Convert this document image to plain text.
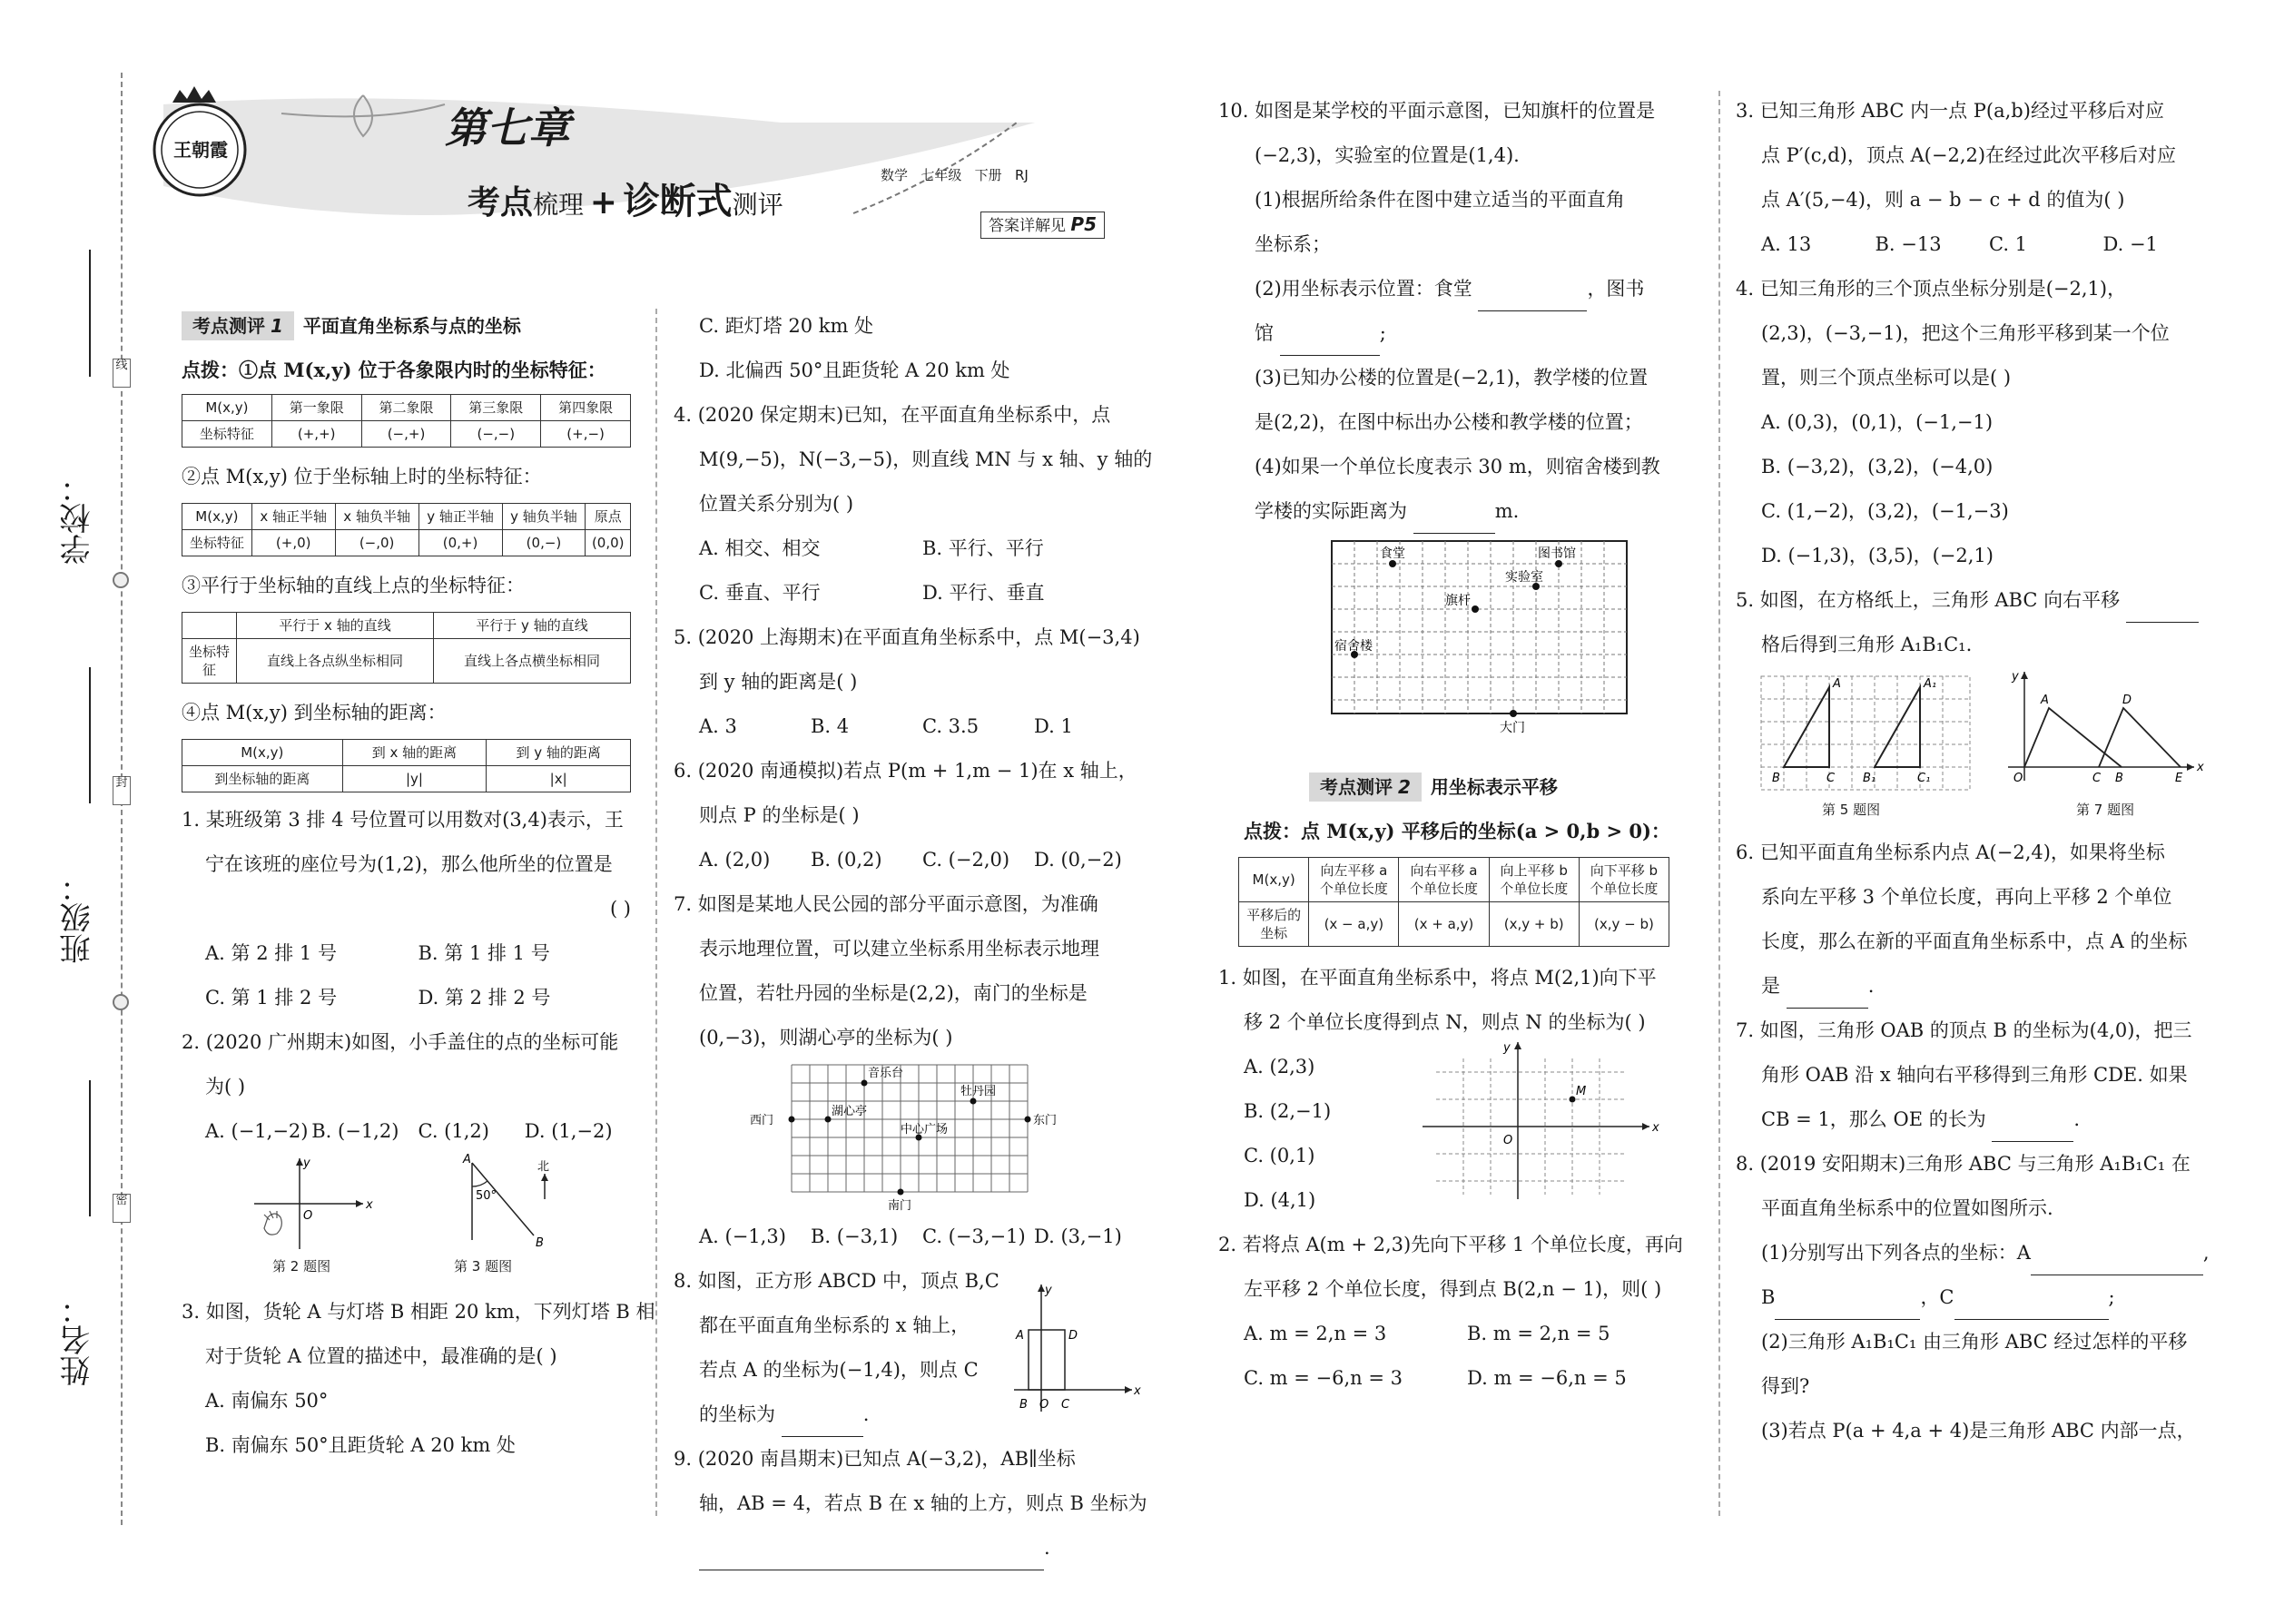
学校：
班级：
姓名：
线
封
密
王朝霞	第七章
考点梳理 + 诊断式测评
数学 七年级 下册 RJ
答案详解见 P5
考点测评 1 平面直角坐标系与点的坐标
点拨：①点 M(x,y) 位于各象限内时的坐标特征：
M(x,y)	第一象限	第二象限	第三象限	第四象限
坐标特征	(+,+)	(−,+)	(−,−)	(+,−)
②点 M(x,y) 位于坐标轴上时的坐标特征：
M(x,y)	x 轴正半轴	x 轴负半轴	y 轴正半轴	y 轴负半轴	原点
坐标特征	(+,0)	(−,0)	(0,+)	(0,−)	(0,0)
③平行于坐标轴的直线上点的坐标特征：
	平行于 x 轴的直线	平行于 y 轴的直线
坐标特征	直线上各点纵坐标相同	直线上各点横坐标相同
④点 M(x,y) 到坐标轴的距离：
M(x,y)	到 x 轴的距离	到 y 轴的距离
到坐标轴的距离	|y|	|x|
1. 某班级第 3 排 4 号位置可以用数对(3,4)表示，王
宁在该班的座位号为(1,2)，那么他所坐的位置是
( )
A. 第 2 排 1 号	B. 第 1 排 1 号
C. 第 1 排 2 号	D. 第 2 排 2 号
2. (2020 广州期末)如图，小手盖住的点的坐标可能
为( )
A. (−1,−2) B. (−1,2)	C. (1,2)	D. (1,−2)
y
x
O
A
50°
B
北
第 2 题图	第 3 题图
3. 如图，货轮 A 与灯塔 B 相距 20 km，下列灯塔 B 相
对于货轮 A 位置的描述中，最准确的是( )
A. 南偏东 50°
B. 南偏东 50°且距货轮 A 20 km 处
C. 距灯塔 20 km 处
D. 北偏西 50°且距货轮 A 20 km 处
4. (2020 保定期末)已知，在平面直角坐标系中，点
M(9,−5)，N(−3,−5)，则直线 MN 与 x 轴、y 轴的
位置关系分别为( )
A. 相交、相交	B. 平行、平行
C. 垂直、平行	D. 平行、垂直
5. (2020 上海期末)在平面直角坐标系中，点 M(−3,4)
到 y 轴的距离是( )
A. 3	B. 4	C. 3.5	D. 1
6. (2020 南通模拟)若点 P(m + 1,m − 1)在 x 轴上，
则点 P 的坐标是( )
A. (2,0)	B. (0,2)	C. (−2,0)	D. (0,−2)
7. 如图是某地人民公园的部分平面示意图，为准确
表示地理位置，可以建立坐标系用坐标表示地理
位置，若牡丹园的坐标是(2,2)，南门的坐标是
(0,−3)，则湖心亭的坐标为( )
音乐台
牡丹园
湖心亭
中心广场
西门	东门
南门
A. (−1,3)	B. (−3,1)	C. (−3,−1) D. (3,−1)
8. 如图，正方形 ABCD 中，顶点 B,C
都在平面直角坐标系的 x 轴上，
若点 A 的坐标为(−1,4)，则点 C
的坐标为	.
y
x
A	D
B O C
9. (2020 南昌期末)已知点 A(−3,2)，AB∥坐标
轴，AB = 4，若点 B 在 x 轴的上方，则点 B 坐标为
.
10. 如图是某学校的平面示意图，已知旗杆的位置是
(−2,3)，实验室的位置是(1,4).
(1)根据所给条件在图中建立适当的平面直角
坐标系；
(2)用坐标表示位置：食堂	，图书
馆	;
(3)已知办公楼的位置是(−2,1)，教学楼的位置
是(2,2)，在图中标出办公楼和教学楼的位置；
(4)如果一个单位长度表示 30 m，则宿舍楼到教
学楼的实际距离为	m.
食堂	图书馆
实验室
旗杆
宿舍楼
大门
考点测评 2 用坐标表示平移
点拨：点 M(x,y) 平移后的坐标(a > 0,b > 0)：
M(x,y)	向左平移 a 个单位长度	向右平移 a 个单位长度	向上平移 b 个单位长度	向下平移 b 个单位长度
平移后的坐标	(x − a,y)	(x + a,y)	(x,y + b)	(x,y − b)
1. 如图，在平面直角坐标系中，将点 M(2,1)向下平
移 2 个单位长度得到点 N，则点 N 的坐标为( )
A. (2,3)
B. (2,−1)
C. (0,1)
D. (4,1)
y
x
O
M
2. 若将点 A(m + 2,3)先向下平移 1 个单位长度，再向
左平移 2 个单位长度，得到点 B(2,n − 1)，则( )
A. m = 2,n = 3	B. m = 2,n = 5
C. m = −6,n = 3	D. m = −6,n = 5
3. 已知三角形 ABC 内一点 P(a,b)经过平移后对应
点 P′(c,d)，顶点 A(−2,2)在经过此次平移后对应
点 A′(5,−4)，则 a − b − c + d 的值为( )
A. 13	B. −13	C. 1	D. −1
4. 已知三角形的三个顶点坐标分别是(−2,1)，
(2,3)，(−3,−1)，把这个三角形平移到某一个位
置，则三个顶点坐标可以是( )
A. (0,3)，(0,1)，(−1,−1)
B. (−3,2)，(3,2)，(−4,0)
C. (1,−2)，(3,2)，(−1,−3)
D. (−1,3)，(3,5)，(−2,1)
5. 如图，在方格纸上，三角形 ABC 向右平移
格后得到三角形 A₁B₁C₁.
A
B	C
A₁
B₁	C₁
y
x
O
A	D
C B	E
第 5 题图	第 7 题图
6. 已知平面直角坐标系内点 A(−2,4)，如果将坐标
系向左平移 3 个单位长度，再向上平移 2 个单位
长度，那么在新的平面直角坐标系中，点 A 的坐标
是	.
7. 如图，三角形 OAB 的顶点 B 的坐标为(4,0)，把三
角形 OAB 沿 x 轴向右平移得到三角形 CDE. 如果
CB = 1，那么 OE 的长为	.
8. (2019 安阳期末)三角形 ABC 与三角形 A₁B₁C₁ 在
平面直角坐标系中的位置如图所示.
(1)分别写出下列各点的坐标：A	,
B	，C	;
(2)三角形 A₁B₁C₁ 由三角形 ABC 经过怎样的平移
得到?
(3)若点 P(a + 4,a + 4)是三角形 ABC 内部一点，
